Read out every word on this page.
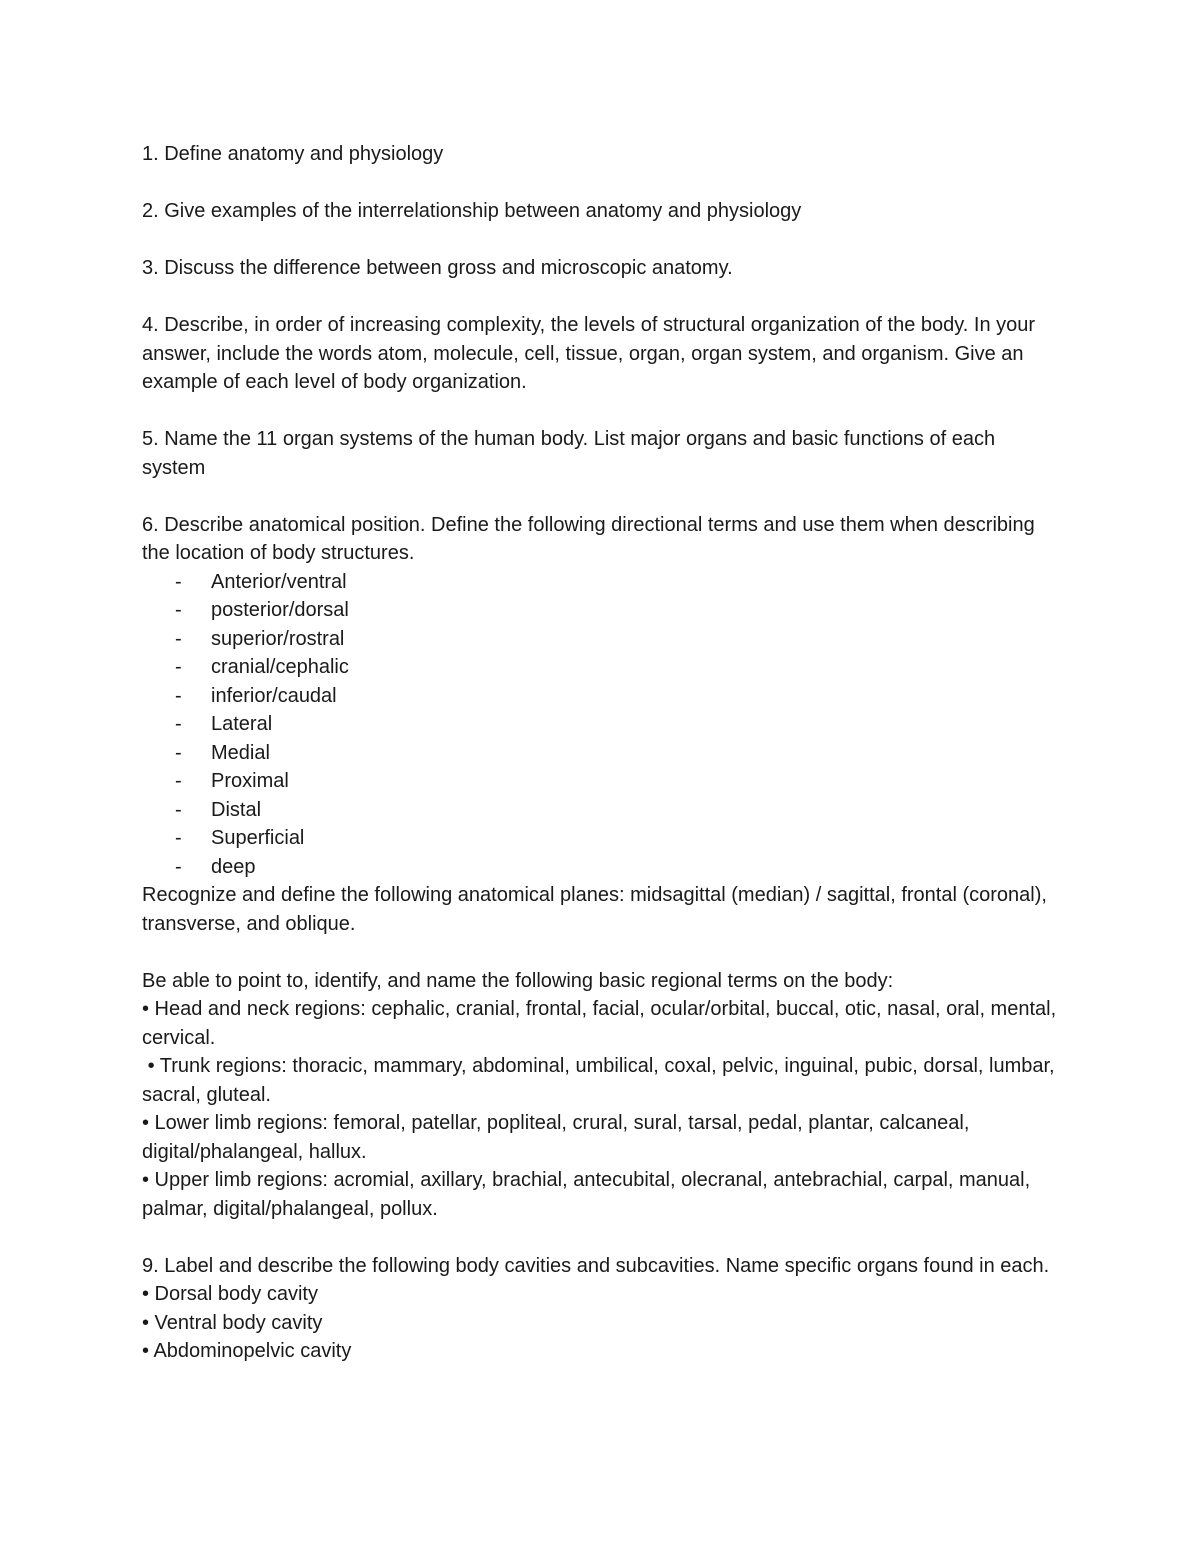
1. Define anatomy and physiology

2. Give examples of the interrelationship between anatomy and physiology

3. Discuss the difference between gross and microscopic anatomy.

4. Describe, in order of increasing complexity, the levels of structural organization of the body. In your answer, include the words atom, molecule, cell, tissue, organ, organ system, and organism. Give an example of each level of body organization.

5. Name the 11 organ systems of the human body. List major organs and basic functions of each system

6. Describe anatomical position. Define the following directional terms and use them when describing the location of body structures.

- Anterior/ventral
- posterior/dorsal
- superior/rostral
- cranial/cephalic
- inferior/caudal
- Lateral
- Medial
- Proximal
- Distal
- Superficial
- deep

Recognize and define the following anatomical planes: midsagittal (median) / sagittal, frontal (coronal), transverse, and oblique.

Be able to point to, identify, and name the following basic regional terms on the body:

• Head and neck regions: cephalic, cranial, frontal, facial, ocular/orbital, buccal, otic, nasal, oral, mental, cervical.

• Trunk regions: thoracic, mammary, abdominal, umbilical, coxal, pelvic, inguinal, pubic, dorsal, lumbar, sacral, gluteal.

• Lower limb regions: femoral, patellar, popliteal, crural, sural, tarsal, pedal, plantar, calcaneal, digital/phalangeal, hallux.

• Upper limb regions: acromial, axillary, brachial, antecubital, olecranal, antebrachial, carpal, manual, palmar, digital/phalangeal, pollux.

9. Label and describe the following body cavities and subcavities. Name specific organs found in each.

• Dorsal body cavity

• Ventral body cavity

• Abdominopelvic cavity
